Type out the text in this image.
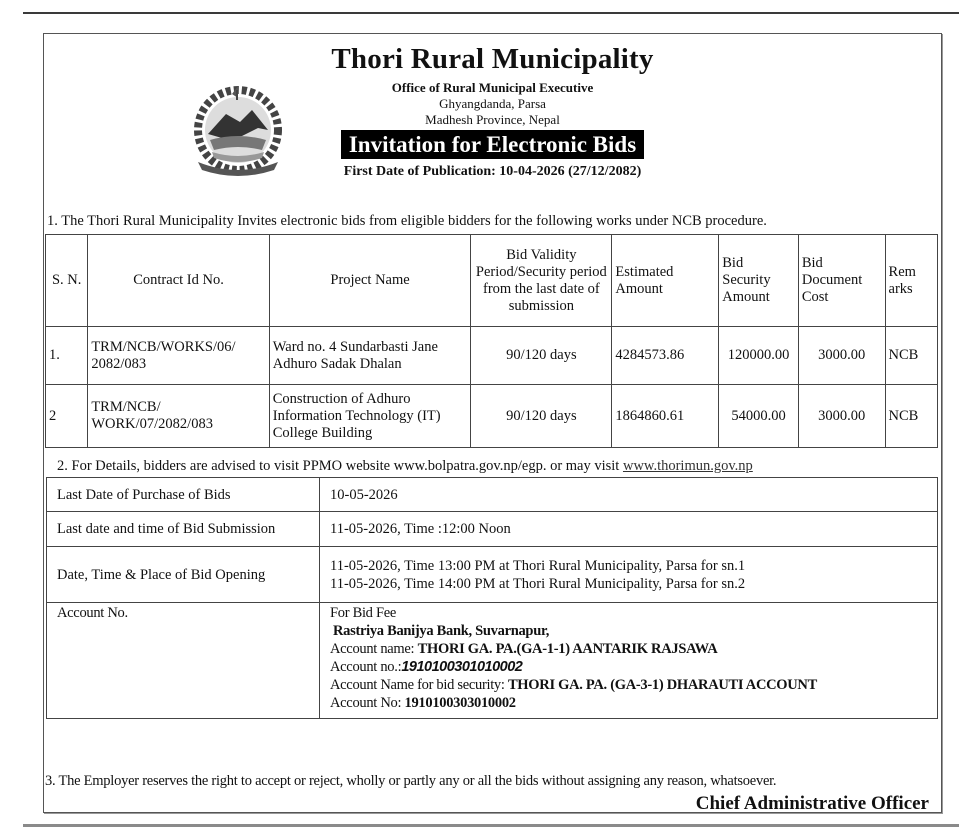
Thori Rural Municipality
Office of Rural Municipal Executive
Ghyangdanda, Parsa
Madhesh Province, Nepal
Invitation for Electronic Bids
First Date of Publication: 10-04-2026 (27/12/2082)
1. The Thori Rural Municipality Invites electronic bids from eligible bidders for the following works under NCB procedure.
S. N.	Contract Id No.	Project Name	Bid Validity Period/Security period from the last date of submission	Estimated Amount	Bid Security Amount	Bid Document Cost	Rem arks
1.	TRM/NCB/WORKS/06/ 2082/083	Ward no. 4 Sundarbasti Jane Adhuro Sadak Dhalan	90/120 days	4284573.86	120000.00	3000.00	NCB
2	TRM/NCB/ WORK/07/2082/083	Construction of Adhuro Information Technology (IT) College Building	90/120 days	1864860.61	54000.00	3000.00	NCB
2. For Details, bidders are advised to visit PPMO website www.bolpatra.gov.np/egp. or may visit www.thorimun.gov.np
Last Date of Purchase of Bids	10-05-2026
Last date and time of Bid Submission	11-05-2026, Time :12:00 Noon
Date, Time & Place of Bid Opening	11-05-2026, Time 13:00 PM at Thori Rural Municipality, Parsa for sn.1
11-05-2026, Time 14:00 PM at Thori Rural Municipality, Parsa for sn.2

Account No.	For Bid Fee
Rastriya Banijya Bank, Suvarnapur,
Account name: THORI GA. PA.(GA-1-1) AANTARIK RAJSAWA
Account no.:1910100301010002
Account Name for bid security: THORI GA. PA. (GA-3-1) DHARAUTI ACCOUNT
Account No: 1910100303010002
3. The Employer reserves the right to accept or reject, wholly or partly any or all the bids without assigning any reason, whatsoever.
Chief Administrative Officer
